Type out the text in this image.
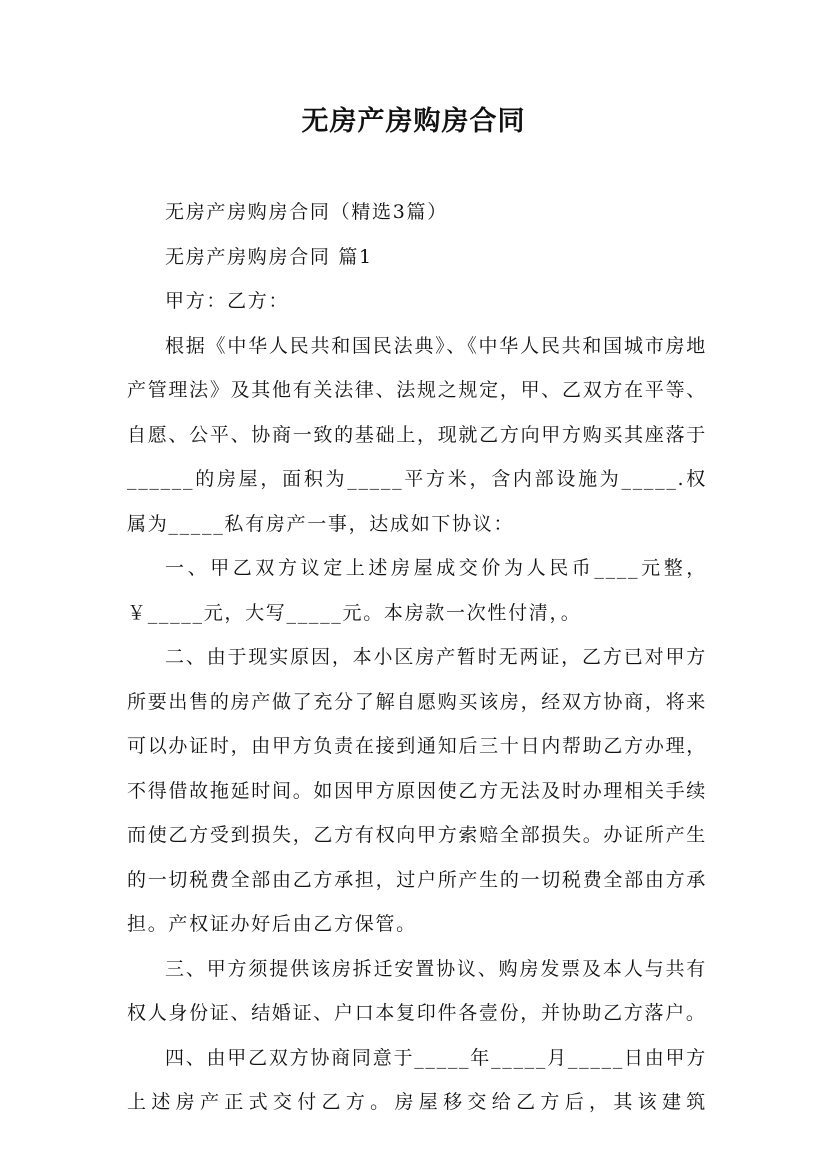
无房产房购房合同

无房产房购房合同（精选3篇）

无房产房购房合同 篇1

甲方：乙方：

根据《中华人民共和国民法典》、《中华人民共和国城市房地产管理法》及其他有关法律、法规之规定，甲、乙双方在平等、自愿、公平、协商一致的基础上，现就乙方向甲方购买其座落于______的房屋，面积为_____平方米，含内部设施为_____.权属为_____私有房产一事，达成如下协议：

一、甲乙双方议定上述房屋成交价为人民币____元整，￥_____元，大写_____元。本房款一次性付清，。

二、由于现实原因，本小区房产暂时无两证，乙方已对甲方所要出售的房产做了充分了解自愿购买该房，经双方协商，将来可以办证时，由甲方负责在接到通知后三十日内帮助乙方办理，不得借故拖延时间。如因甲方原因使乙方无法及时办理相关手续而使乙方受到损失，乙方有权向甲方索赔全部损失。办证所产生的一切税费全部由乙方承担，过户所产生的一切税费全部由方承担。产权证办好后由乙方保管。

三、甲方须提供该房拆迁安置协议、购房发票及本人与共有权人身份证、结婚证、户口本复印件各壹份，并协助乙方落户。

四、由甲乙双方协商同意于_____年_____月_____日由甲方上述房产正式交付乙方。房屋移交给乙方后，其该建筑
